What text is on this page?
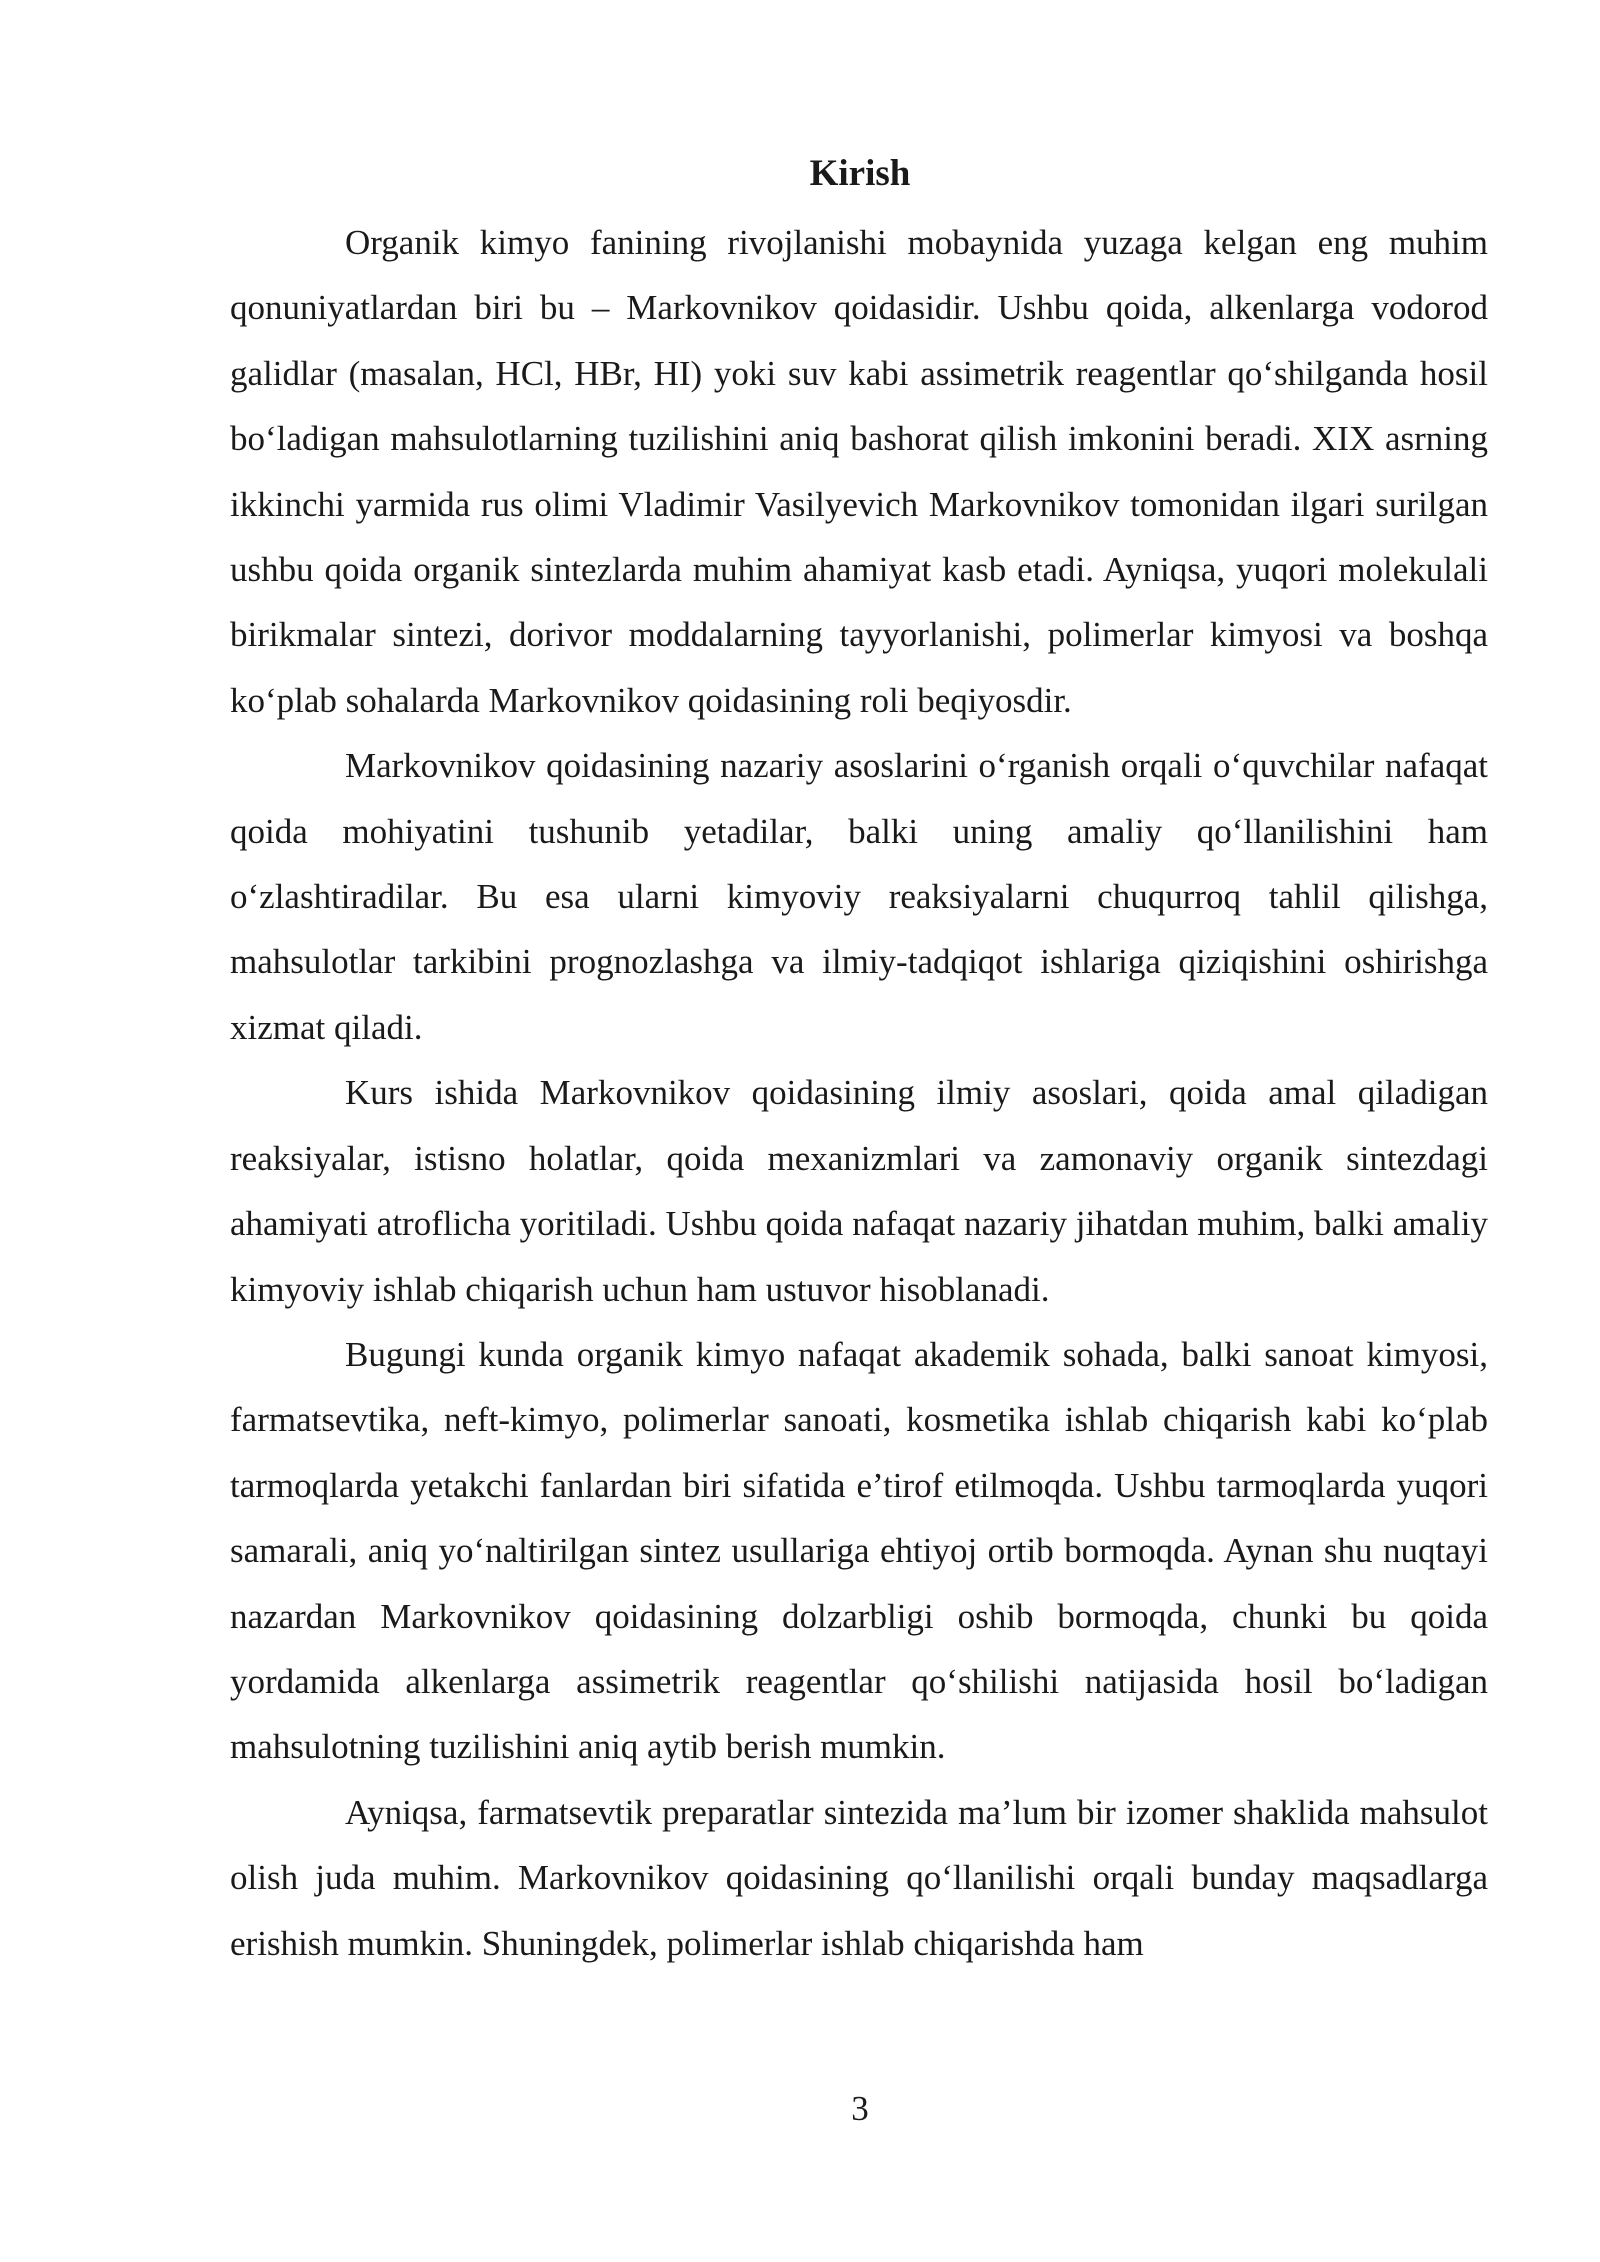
Kirish

Organik kimyo fanining rivojlanishi mobaynida yuzaga kelgan eng muhim qonuniyatlardan biri bu – Markovnikov qoidasidir. Ushbu qoida, alkenlarga vodorod galidlar (masalan, HCl, HBr, HI) yoki suv kabi assimetrik reagentlar qo‘shilganda hosil bo‘ladigan mahsulotlarning tuzilishini aniq bashorat qilish imkonini beradi. XIX asrning ikkinchi yarmida rus olimi Vladimir Vasilyevich Markovnikov tomonidan ilgari surilgan ushbu qoida organik sintezlarda muhim ahamiyat kasb etadi. Ayniqsa, yuqori molekulali birikmalar sintezi, dorivor moddalarning tayyorlanishi, polimerlar kimyosi va boshqa ko‘plab sohalarda Markovnikov qoidasining roli beqiyosdir.

Markovnikov qoidasining nazariy asoslarini o‘rganish orqali o‘quvchilar nafaqat qoida mohiyatini tushunib yetadilar, balki uning amaliy qo‘llanilishini ham o‘zlashtiradilar. Bu esa ularni kimyoviy reaksiyalarni chuqurroq tahlil qilishga, mahsulotlar tarkibini prognozlashga va ilmiy-tadqiqot ishlariga qiziqishini oshirishga xizmat qiladi.

Kurs ishida Markovnikov qoidasining ilmiy asoslari, qoida amal qiladigan reaksiyalar, istisno holatlar, qoida mexanizmlari va zamonaviy organik sintezdagi ahamiyati atroflicha yoritiladi. Ushbu qoida nafaqat nazariy jihatdan muhim, balki amaliy kimyoviy ishlab chiqarish uchun ham ustuvor hisoblanadi.

Bugungi kunda organik kimyo nafaqat akademik sohada, balki sanoat kimyosi, farmatsevtika, neft-kimyo, polimerlar sanoati, kosmetika ishlab chiqarish kabi ko‘plab tarmoqlarda yetakchi fanlardan biri sifatida e’tirof etilmoqda. Ushbu tarmoqlarda yuqori samarali, aniq yo‘naltirilgan sintez usullariga ehtiyoj ortib bormoqda. Aynan shu nuqtayi nazardan Markovnikov qoidasining dolzarbligi oshib bormoqda, chunki bu qoida yordamida alkenlarga assimetrik reagentlar qo‘shilishi natijasida hosil bo‘ladigan mahsulotning tuzilishini aniq aytib berish mumkin.

Ayniqsa, farmatsevtik preparatlar sintezida ma’lum bir izomer shaklida mahsulot olish juda muhim. Markovnikov qoidasining qo‘llanilishi orqali bunday maqsadlarga erishish mumkin. Shuningdek, polimerlar ishlab chiqarishda ham

3
